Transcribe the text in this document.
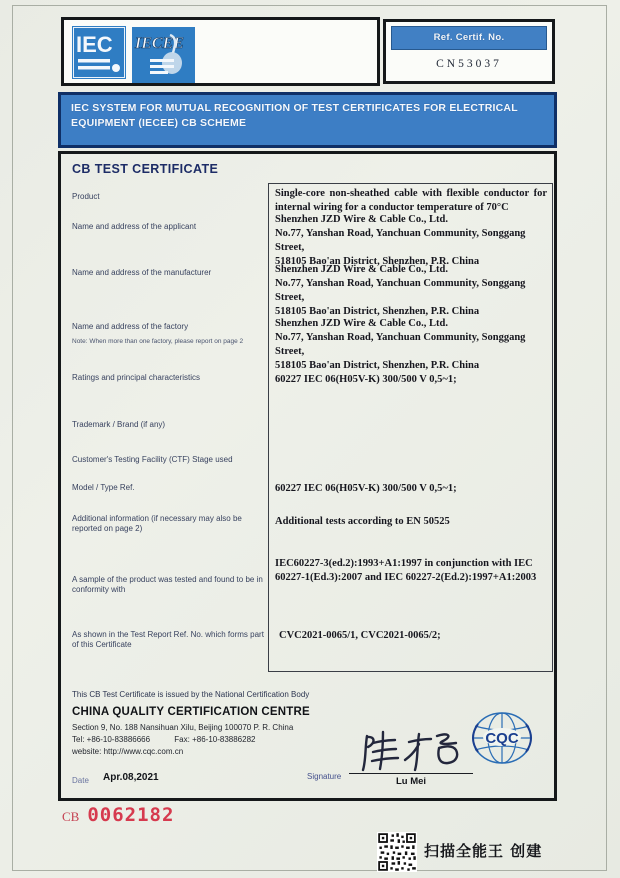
IEC IECEE	Ref. Certif. No.
CN53037
IEC SYSTEM FOR MUTUAL RECOGNITION OF TEST CERTIFICATES FOR ELECTRICAL EQUIPMENT (IECEE) CB SCHEME
CB TEST CERTIFICATE
Product
Name and address of the applicant
Name and address of the manufacturer
Name and address of the factory
Note: When more than one factory, please report on page 2
Ratings and principal characteristics
Trademark / Brand (if any)
Customer's Testing Facility (CTF) Stage used
Model / Type Ref.
Additional information (if necessary may also be reported on page 2)
A sample of the product was tested and found to be in conformity with
As shown in the Test Report Ref. No. which forms part of this Certificate
Single-core non-sheathed cable with flexible conductor for internal wiring for a conductor temperature of 70°C
Shenzhen JZD Wire & Cable Co., Ltd.
No.77, Yanshan Road, Yanchuan Community, Songgang Street,
518105 Bao'an District, Shenzhen, P.R. China
Shenzhen JZD Wire & Cable Co., Ltd.
No.77, Yanshan Road, Yanchuan Community, Songgang Street,
518105 Bao'an District, Shenzhen, P.R. China
Shenzhen JZD Wire & Cable Co., Ltd.
No.77, Yanshan Road, Yanchuan Community, Songgang Street,
518105 Bao'an District, Shenzhen, P.R. China
60227 IEC 06(H05V-K) 300/500 V 0,5~1;
60227 IEC 06(H05V-K) 300/500 V 0,5~1;
Additional tests according to EN 50525
IEC60227-3(ed.2):1993+A1:1997 in conjunction with IEC 60227-1(Ed.3):2007 and IEC 60227-2(Ed.2):1997+A1:2003
CVC2021-0065/1, CVC2021-0065/2;
This CB Test Certificate is issued by the National Certification Body
CHINA QUALITY CERTIFICATION CENTRE
Section 9, No. 188 Nansihuan Xilu, Beijing 100070 P. R. China
Tel: +86-10-83886666	Fax: +86-10-83886282
website: http://www.cqc.com.cn
CQC
Lu Mei
Signature
Date Apr.08,2021
CB 0062182
扫描全能王 创建
